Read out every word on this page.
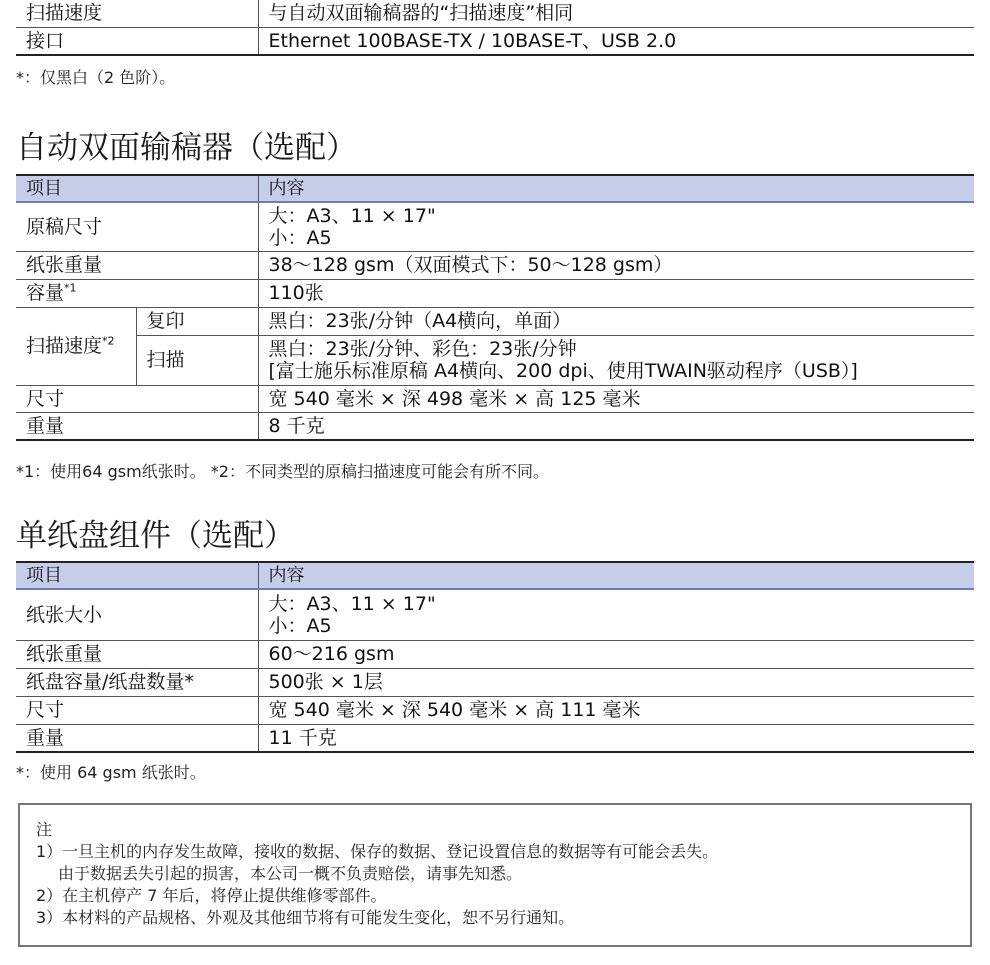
扫描速度	与自动双面输稿器的“扫描速度”相同
接口	Ethernet 100BASE-TX / 10BASE-T、USB 2.0
*：仅黑白（2 色阶）。
自动双面输稿器（选配）
项目		内容
原稿尺寸		大：A3、11 × 17"
小：A5

纸张重量		38～128 gsm（双面模式下：50～128 gsm）
容量$^{*1}$		110张
扫描速度$^{*2}$	复印	黑白：23张/分钟（A4横向，单面）
	扫描	黑白：23张/分钟、彩色：23张/分钟
[富士施乐标准原稿 A4横向、200 dpi、使用TWAIN驱动程序（USB）]

尺寸		宽 540 毫米 × 深 498 毫米 × 高 125 毫米
重量		8 千克
*1：使用64 gsm纸张时。 *2：不同类型的原稿扫描速度可能会有所不同。
单纸盘组件（选配）
项目	内容
纸张大小	大：A3、11 × 17"
小：A5

纸张重量	60～216 gsm
纸盘容量/纸盘数量*	500张 × 1层
尺寸	宽 540 毫米 × 深 540 毫米 × 高 111 毫米
重量	11 千克
*：使用 64 gsm 纸张时。
注
1）一旦主机的内存发生故障，接收的数据、保存的数据、登记设置信息的数据等有可能会丢失。
由于数据丢失引起的损害，本公司一概不负责赔偿，请事先知悉。
2）在主机停产 7 年后，将停止提供维修零部件。
3）本材料的产品规格、外观及其他细节将有可能发生变化，恕不另行通知。
